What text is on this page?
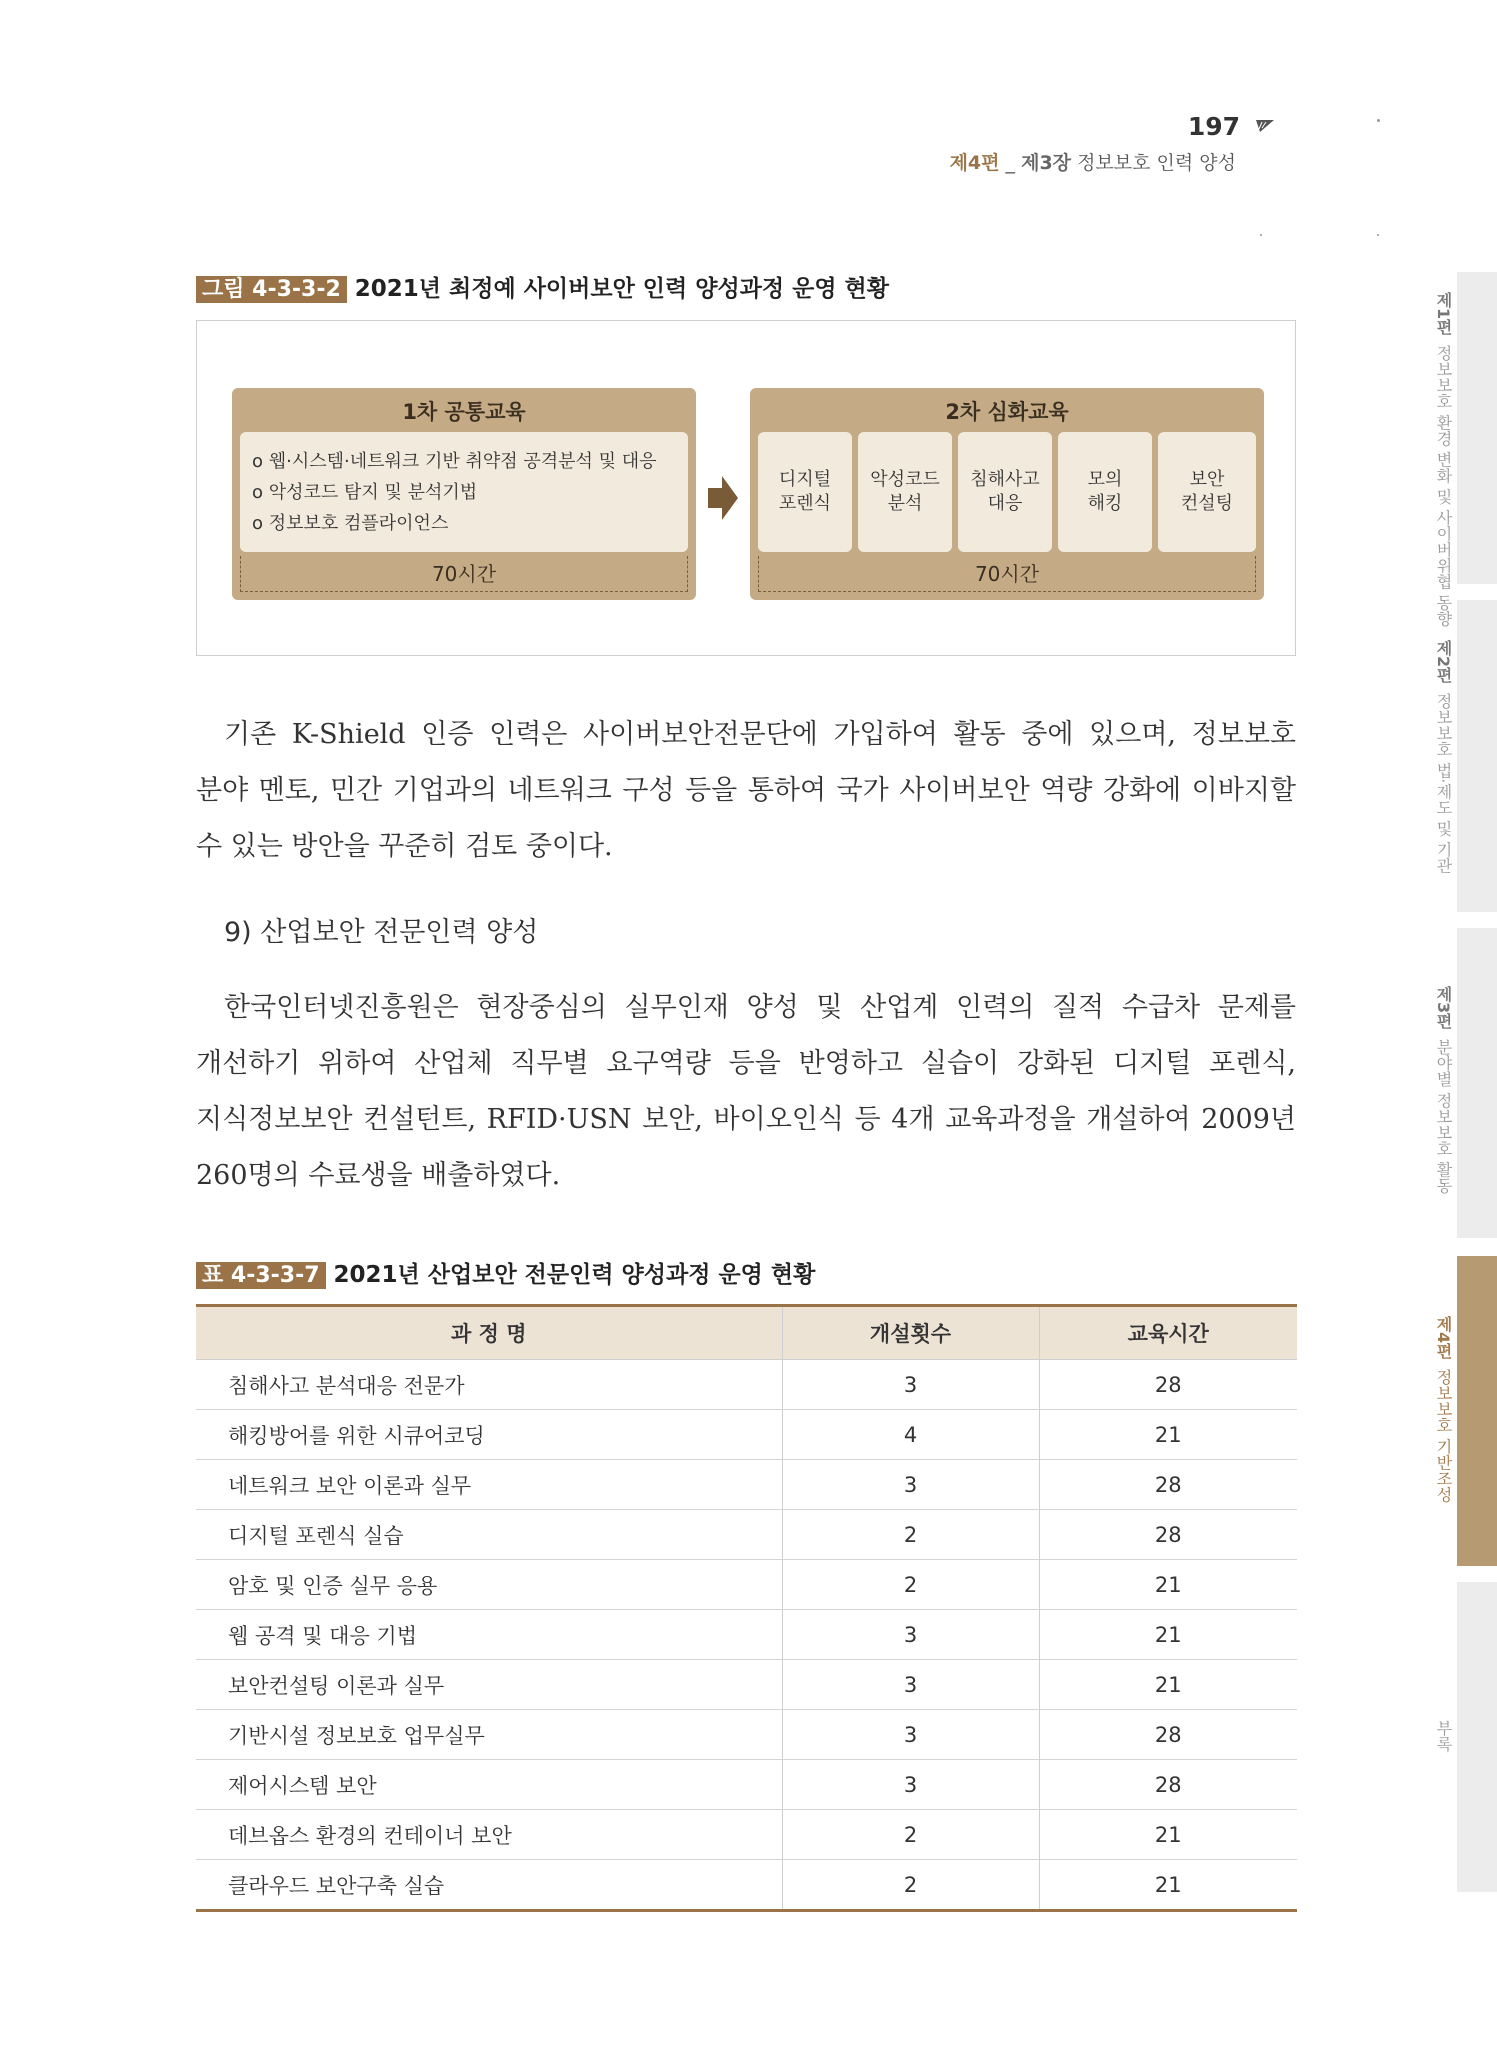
197
제4편 _ 제3장 정보보호 인력 양성
제1편정보보호 환경 변화 및 사이버위협 동향
제2편정보보호 법·제도 및 기관
제3편분야별 정보보호 활동
제4편정보보호 기반조성
부록
그림 4-3-3-2 2021년 최정예 사이버보안 인력 양성과정 운영 현황
1차 공통교육
o 웹·시스템·네트워크 기반 취약점 공격분석 및 대응
o 악성코드 탐지 및 분석기법
o 정보보호 컴플라이언스
70시간
2차 심화교육
디지털
포렌식
악성코드
분석
침해사고
대응
모의
해킹
보안
컨설팅
70시간
기존 K-Shield 인증 인력은 사이버보안전문단에 가입하여 활동 중에 있으며, 정보보호
분야 멘토, 민간 기업과의 네트워크 구성 등을 통하여 국가 사이버보안 역량 강화에 이바지할
수 있는 방안을 꾸준히 검토 중이다.
9) 산업보안 전문인력 양성
한국인터넷진흥원은 현장중심의 실무인재 양성 및 산업계 인력의 질적 수급차 문제를
개선하기 위하여 산업체 직무별 요구역량 등을 반영하고 실습이 강화된 디지털 포렌식,
지식정보보안 컨설턴트, RFID·USN 보안, 바이오인식 등 4개 교육과정을 개설하여 2009년
260명의 수료생을 배출하였다.
표 4-3-3-7 2021년 산업보안 전문인력 양성과정 운영 현황
과 정 명	개설횟수	교육시간
침해사고 분석대응 전문가	3	28
해킹방어를 위한 시큐어코딩	4	21
네트워크 보안 이론과 실무	3	28
디지털 포렌식 실습	2	28
암호 및 인증 실무 응용	2	21
웹 공격 및 대응 기법	3	21
보안컨설팅 이론과 실무	3	21
기반시설 정보보호 업무실무	3	28
제어시스템 보안	3	28
데브옵스 환경의 컨테이너 보안	2	21
클라우드 보안구축 실습	2	21
